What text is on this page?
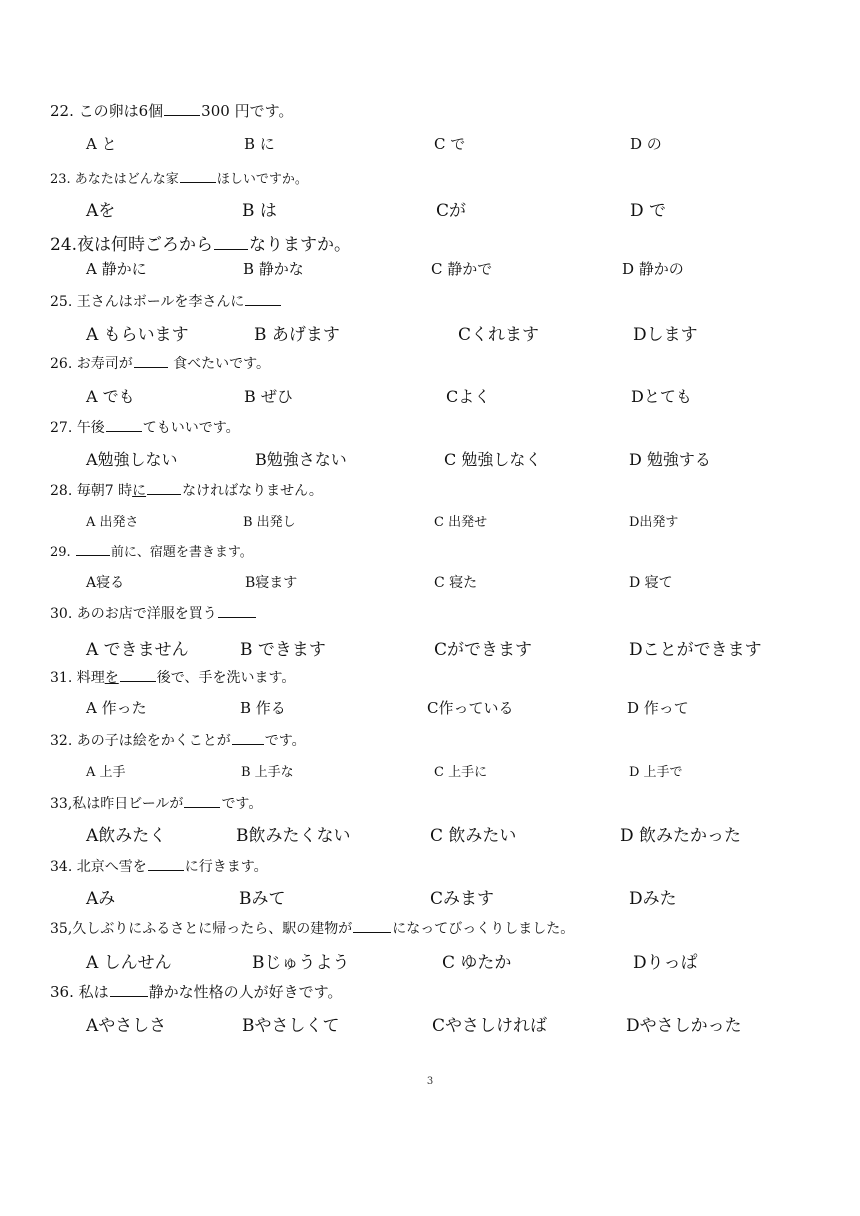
22. この卵は6個	300 円です。
A と	B に	C で	D の
23. あなたはどんな家	ほしいですか。
Aを	B は	Cが	D で
24.夜は何時ごろから なりますか。
A 静かに	B 静かな	C 静かで	D 静かの
25. 王さんはボールを李さんに
A もらいます	B あげます	Cくれます	Dします
26. お寿司が	食べたいです。
A でも	B ぜひ	Cよく	Dとても
27. 午後	てもいいです。
A勉強しない	B勉強さない	C 勉強しなく	D 勉強する
28. 毎朝7 時に	なければなりません。
A 出発さ	B 出発し	C 出発せ	D出発す
29.	前に、宿題を書きます。
A寝る	B寝ます	C 寝た	D 寝て
30. あのお店で洋服を買う
A できません	B できます	Cができます	Dことができます
31. 料理を	後で、手を洗います。
A 作った	B 作る	C作っている	D 作って
32. あの子は絵をかくことが です。
A 上手	B 上手な	C 上手に	D 上手で
33,私は昨日ビールが	です。
A飲みたく	B飲みたくない	C 飲みたい	D 飲みたかった
34. 北京へ雪を	に行きます。
Aみ	Bみて	Cみます	Dみた
35,久しぶりにふるさとに帰ったら、駅の建物が	になってびっくりしました。
A しんせん	Bじゅうよう	C ゆたか	Dりっぱ
36. 私は	静かな性格の人が好きです。
Aやさしさ	Bやさしくて	Cやさしければ	Dやさしかった
3
